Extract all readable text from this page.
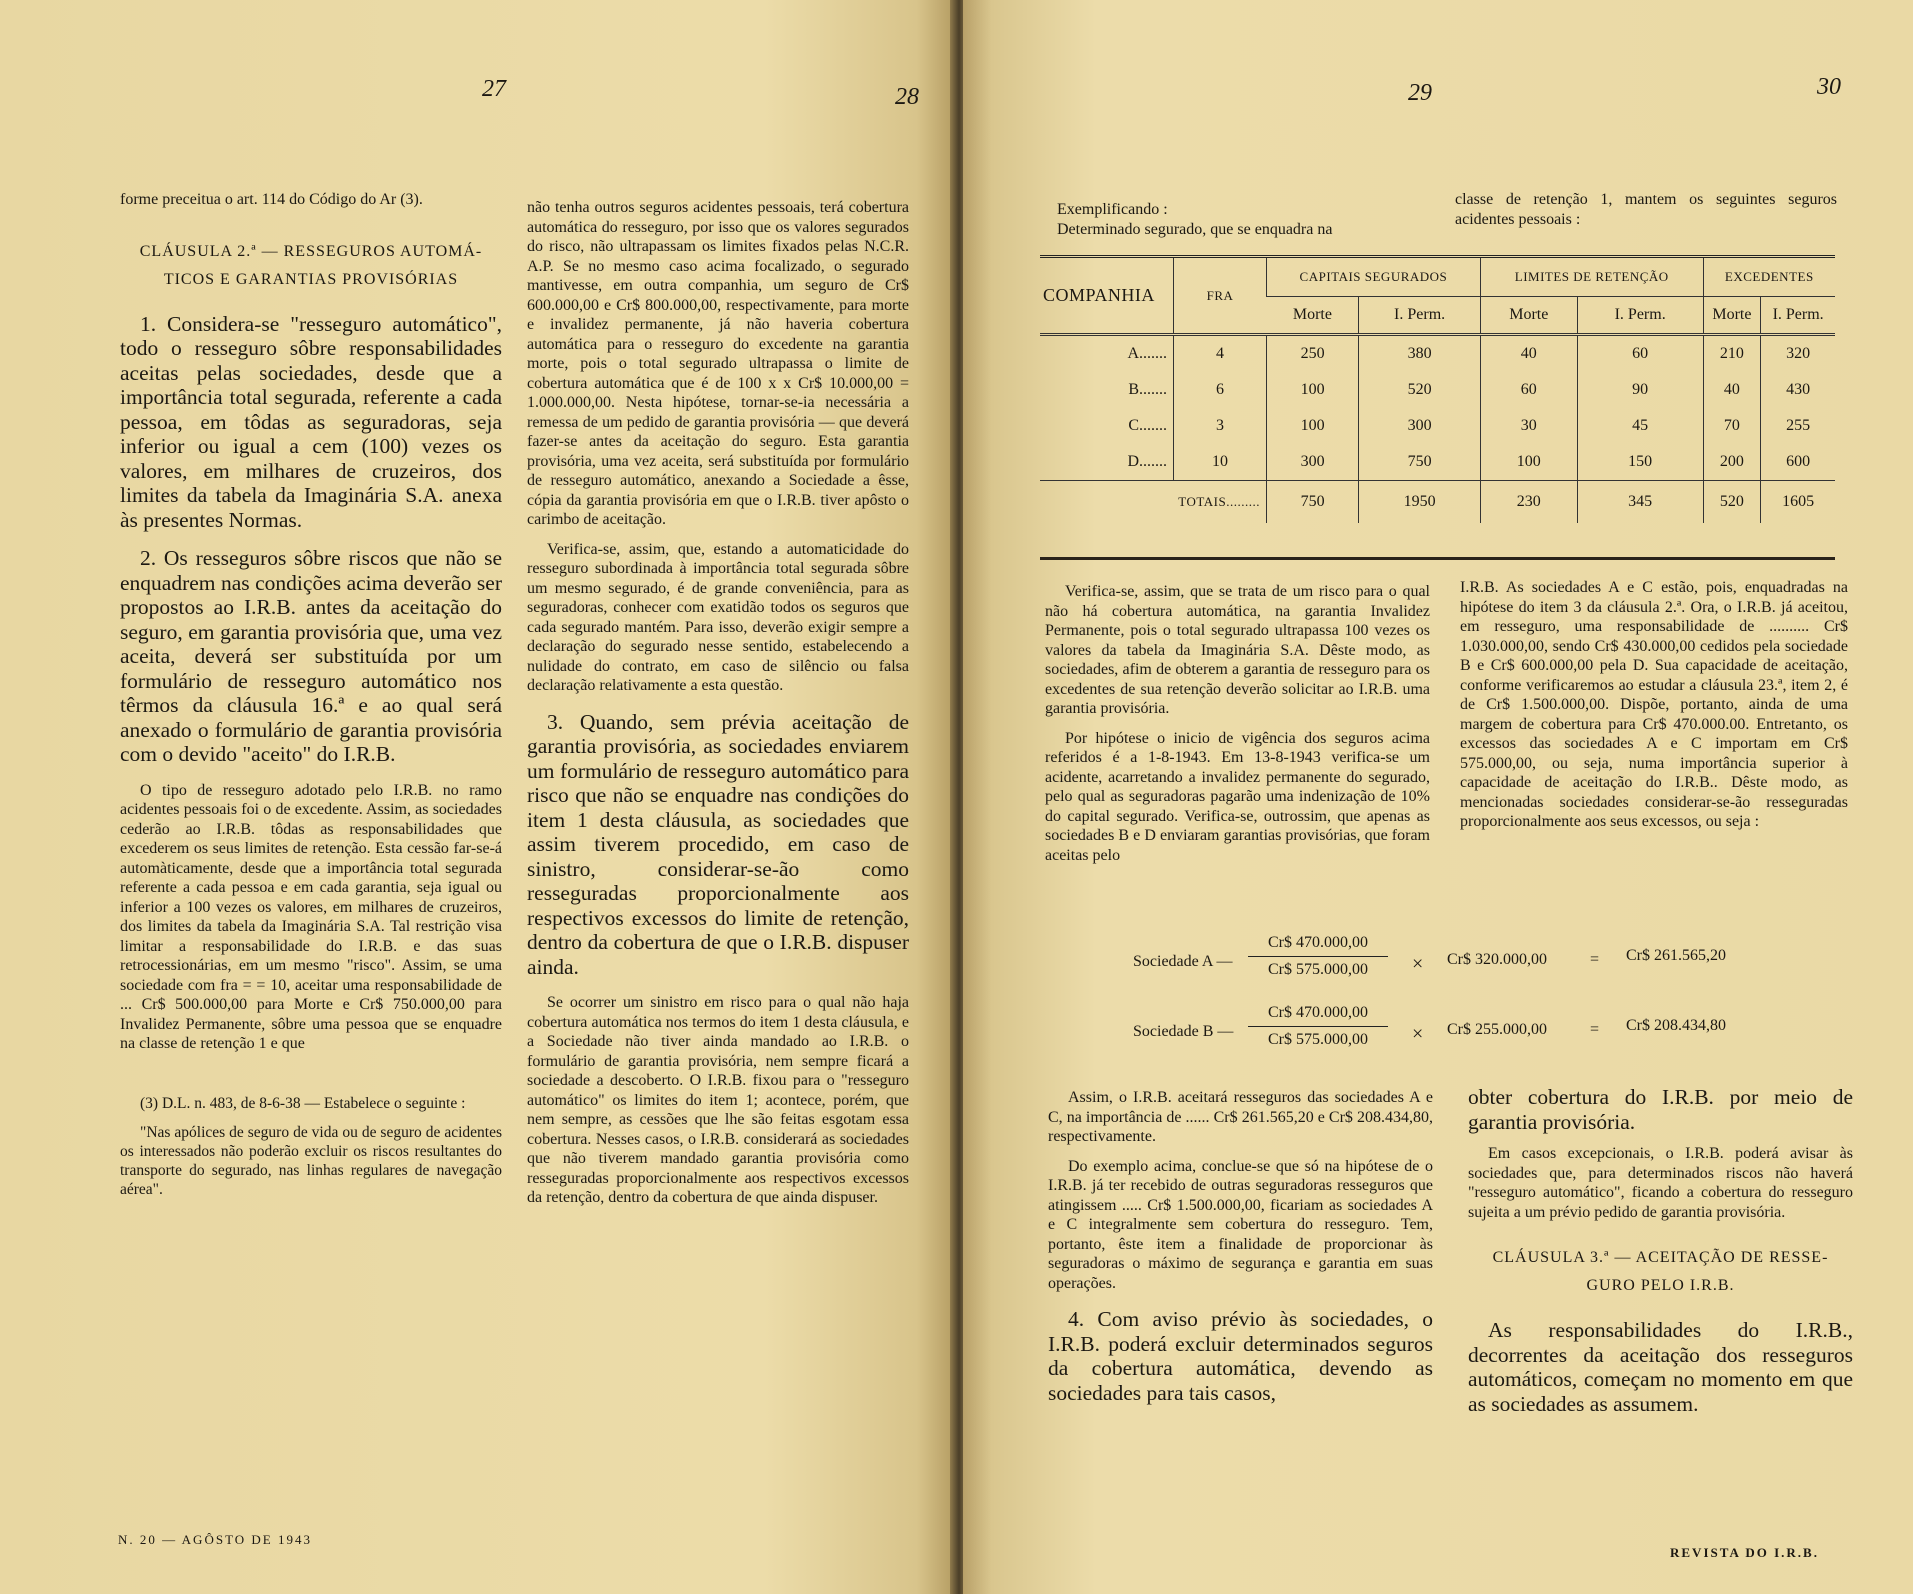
27	28

forme preceitua o art. 114 do Código do Ar (3).

CLÁUSULA 2.ª — RESSEGUROS AUTOMÁ-
TICOS E GARANTIAS PROVISÓRIAS

1. Considera-se "resseguro automático", todo o resseguro sôbre responsabilidades aceitas pelas sociedades, desde que a importância total segurada, referente a cada pessoa, em tôdas as seguradoras, seja inferior ou igual a cem (100) vezes os valores, em milhares de cruzeiros, dos limites da tabela da Imaginária S.A. anexa às presentes Normas.

2. Os resseguros sôbre riscos que não se enquadrem nas condições acima deverão ser propostos ao I.R.B. antes da aceitação do seguro, em garantia provisória que, uma vez aceita, deverá ser substituída por um formulário de resseguro automático nos têrmos da cláusula 16.ª e ao qual será anexado o formulário de garantia provisória com o devido "aceito" do I.R.B.

O tipo de resseguro adotado pelo I.R.B. no ramo acidentes pessoais foi o de excedente. Assim, as sociedades cederão ao I.R.B. tôdas as responsabilidades que excederem os seus limites de retenção. Esta cessão far-se-á automàticamente, desde que a importância total segurada referente a cada pessoa e em cada garantia, seja igual ou inferior a 100 vezes os valores, em milhares de cruzeiros, dos limites da tabela da Imaginária S.A. Tal restrição visa limitar a responsabilidade do I.R.B. e das suas retrocessionárias, em um mesmo "risco". Assim, se uma sociedade com fra = = 10, aceitar uma responsabilidade de ... Cr$ 500.000,00 para Morte e Cr$ 750.000,00 para Invalidez Permanente, sôbre uma pessoa que se enquadre na classe de retenção 1 e que

(3) D.L. n. 483, de 8-6-38 — Estabelece o seguinte :

"Nas apólices de seguro de vida ou de seguro de acidentes os interessados não poderão excluir os riscos resultantes do transporte do segurado, nas linhas regulares de navegação aérea".

não tenha outros seguros acidentes pessoais, terá cobertura automática do resseguro, por isso que os valores segurados do risco, não ultrapassam os limites fixados pelas N.C.R. A.P. Se no mesmo caso acima focalizado, o segurado mantivesse, em outra companhia, um seguro de Cr$ 600.000,00 e Cr$ 800.000,00, respectivamente, para morte e invalidez permanente, já não haveria cobertura automática para o resseguro do excedente na garantia morte, pois o total segurado ultrapassa o limite de cobertura automática que é de 100 x x Cr$ 10.000,00 = 1.000.000,00. Nesta hipótese, tornar-se-ia necessária a remessa de um pedido de garantia provisória — que deverá fazer-se antes da aceitação do seguro. Esta garantia provisória, uma vez aceita, será substituída por formulário de resseguro automático, anexando a Sociedade a êsse, cópia da garantia provisória em que o I.R.B. tiver apôsto o carimbo de aceitação.

Verifica-se, assim, que, estando a automaticidade do resseguro subordinada à importância total segurada sôbre um mesmo segurado, é de grande conveniência, para as seguradoras, conhecer com exatidão todos os seguros que cada segurado mantém. Para isso, deverão exigir sempre a declaração do segurado nesse sentido, estabelecendo a nulidade do contrato, em caso de silêncio ou falsa declaração relativamente a esta questão.

3. Quando, sem prévia aceitação de garantia provisória, as sociedades enviarem um formulário de resseguro automático para risco que não se enquadre nas condições do item 1 desta cláusula, as sociedades que assim tiverem procedido, em caso de sinistro, considerar-se-ão como resseguradas proporcionalmente aos respectivos excessos do limite de retenção, dentro da cobertura de que o I.R.B. dispuser ainda.

Se ocorrer um sinistro em risco para o qual não haja cobertura automática nos termos do item 1 desta cláusula, e a Sociedade não tiver ainda mandado ao I.R.B. o formulário de garantia provisória, nem sempre ficará a sociedade a descoberto. O I.R.B. fixou para o "resseguro automático" os limites do item 1; acontece, porém, que nem sempre, as cessões que lhe são feitas esgotam essa cobertura. Nesses casos, o I.R.B. considerará as sociedades que não tiverem mandado garantia provisória como resseguradas proporcionalmente aos respectivos excessos da retenção, dentro da cobertura de que ainda dispuser.

N. 20 — AGÔSTO DE 1943
29	30
Exemplificando :
Determinado segurado, que se enquadra na
classe de retenção 1, mantem os seguintes seguros acidentes pessoais :
COMPANHIA	FRA	CAPITAIS SEGURADOS		LIMITES DE RETENÇÃO		EXCEDENTES	
		Morte	I. Perm.	Morte	I. Perm.	Morte	I. Perm.
A.......	4	250	380	40	60	210	320
B.......	6	100	520	60	90	40	430
C.......	3	100	300	30	45	70	255
D.......	10	300	750	100	150	200	600
TOTAIS.........		750	1950	230	345	520	1605

Verifica-se, assim, que se trata de um risco para o qual não há cobertura automática, na garantia Invalidez Permanente, pois o total segurado ultrapassa 100 vezes os valores da tabela da Imaginária S.A. Dêste modo, as sociedades, afim de obterem a garantia de resseguro para os excedentes de sua retenção deverão solicitar ao I.R.B. uma garantia provisória.

Por hipótese o inicio de vigência dos seguros acima referidos é a 1-8-1943. Em 13-8-1943 verifica-se um acidente, acarretando a invalidez permanente do segurado, pelo qual as seguradoras pagarão uma indenização de 10% do capital segurado. Verifica-se, outrossim, que apenas as sociedades B e D enviaram garantias provisórias, que foram aceitas pelo

I.R.B. As sociedades A e C estão, pois, enquadradas na hipótese do item 3 da cláusula 2.ª. Ora, o I.R.B. já aceitou, em resseguro, uma responsabilidade de .......... Cr$ 1.030.000,00, sendo Cr$ 430.000,00 cedidos pela sociedade B e Cr$ 600.000,00 pela D. Sua capacidade de aceitação, conforme verificaremos ao estudar a cláusula 23.ª, item 2, é de Cr$ 1.500.000,00. Dispõe, portanto, ainda de uma margem de cobertura para Cr$ 470.000.00. Entretanto, os excessos das sociedades A e C importam em Cr$ 575.000,00, ou seja, numa importância superior à capacidade de aceitação do I.R.B.. Dêste modo, as mencionadas sociedades considerar-se-ão resseguradas proporcionalmente aos seus excessos, ou seja :
Sociedade A — $\frac{Cr\$ 470.000,00}{Cr\$ 575.000,00}$ × Cr$ 320.000,00	= Cr$ 261.565,20
Sociedade B — $\frac{Cr\$ 470.000,00}{Cr\$ 575.000,00}$ × Cr$ 255.000,00	= Cr$ 208.434,80

Assim, o I.R.B. aceitará resseguros das sociedades A e C, na importância de ...... Cr$ 261.565,20 e Cr$ 208.434,80, respectivamente.

Do exemplo acima, conclue-se que só na hipótese de o I.R.B. já ter recebido de outras seguradoras resseguros que atingissem ..... Cr$ 1.500.000,00, ficariam as sociedades A e C integralmente sem cobertura do resseguro. Tem, portanto, êste item a finalidade de proporcionar às seguradoras o máximo de segurança e garantia em suas operações.

4. Com aviso prévio às sociedades, o I.R.B. poderá excluir determinados seguros da cobertura automática, devendo as sociedades para tais casos,

obter cobertura do I.R.B. por meio de garantia provisória.

Em casos excepcionais, o I.R.B. poderá avisar às sociedades que, para determinados riscos não haverá "resseguro automático", ficando a cobertura do resseguro sujeita a um prévio pedido de garantia provisória.

CLÁUSULA 3.ª — ACEITAÇÃO DE RESSE-
GURO PELO I.R.B.

As responsabilidades do I.R.B., decorrentes da aceitação dos resseguros automáticos, começam no momento em que as sociedades as assumem.

REVISTA DO I.R.B.
